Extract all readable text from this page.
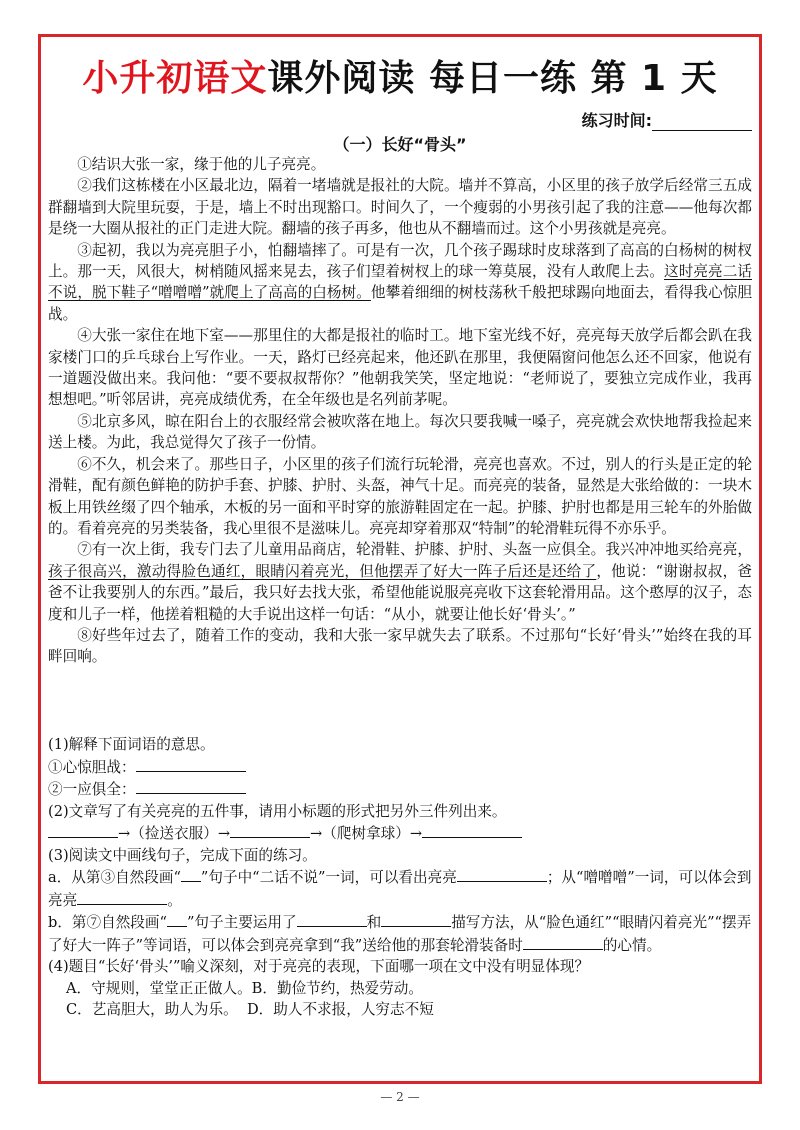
小升初语文课外阅读 每日一练 第 1 天
练习时间:
（一）长好“骨头”

①结识大张一家，缘于他的儿子亮亮。

②我们这栋楼在小区最北边，隔着一堵墙就是报社的大院。墙并不算高，小区里的孩子放学后经常三五成群翻墙到大院里玩耍，于是，墙上不时出现豁口。时间久了，一个瘦弱的小男孩引起了我的注意——他每次都是绕一大圈从报社的正门走进大院。翻墙的孩子再多，他也从不翻墙而过。这个小男孩就是亮亮。

③起初，我以为亮亮胆子小，怕翻墙摔了。可是有一次，几个孩子踢球时皮球落到了高高的白杨树的树杈上。那一天，风很大，树梢随风摇来晃去，孩子们望着树杈上的球一筹莫展，没有人敢爬上去。这时亮亮二话不说，脱下鞋子“噌噌噌”就爬上了高高的白杨树。他攀着细细的树枝荡秋千般把球踢向地面去，看得我心惊胆战。

④大张一家住在地下室——那里住的大都是报社的临时工。地下室光线不好，亮亮每天放学后都会趴在我家楼门口的乒乓球台上写作业。一天，路灯已经亮起来，他还趴在那里，我便隔窗问他怎么还不回家，他说有一道题没做出来。我问他：“要不要叔叔帮你？”他朝我笑笑，坚定地说：“老师说了，要独立完成作业，我再想想吧。”听邻居讲，亮亮成绩优秀，在全年级也是名列前茅呢。

⑤北京多风，晾在阳台上的衣服经常会被吹落在地上。每次只要我喊一嗓子，亮亮就会欢快地帮我捡起来送上楼。为此，我总觉得欠了孩子一份情。

⑥不久，机会来了。那些日子，小区里的孩子们流行玩轮滑，亮亮也喜欢。不过，别人的行头是正定的轮滑鞋，配有颜色鲜艳的防护手套、护膝、护肘、头盔，神气十足。而亮亮的装备，显然是大张给做的：一块木板上用铁丝缀了四个轴承，木板的另一面和平时穿的旅游鞋固定在一起。护膝、护肘也都是用三轮车的外胎做的。看着亮亮的另类装备，我心里很不是滋味儿。亮亮却穿着那双“特制”的轮滑鞋玩得不亦乐乎。

⑦有一次上街，我专门去了儿童用品商店，轮滑鞋、护膝、护肘、头盔一应俱全。我兴冲冲地买给亮亮，孩子很高兴，激动得脸色通红，眼睛闪着亮光，但他摆弄了好大一阵子后还是还给了，他说：“谢谢叔叔，爸爸不让我要别人的东西。”最后，我只好去找大张，希望他能说服亮亮收下这套轮滑用品。这个憨厚的汉子，态度和儿子一样，他搓着粗糙的大手说出这样一句话：“从小，就要让他长好‘骨头’。”

⑧好些年过去了，随着工作的变动，我和大张一家早就失去了联系。不过那句“长好‘骨头’”始终在我的耳畔回响。

(1)解释下面词语的意思。

①心惊胆战：

②一应俱全：

(2)文章写了有关亮亮的五件事，请用小标题的形式把另外三件列出来。

→（捡送衣服）→	→（爬树拿球）→

(3)阅读文中画线句子，完成下面的练习。

a．从第③自然段画“ ”句子中“二话不说”一词，可以看出亮亮	；从“噌噌噌”一词，可以体会到亮亮	。

b．第⑦自然段画“ ”句子主要运用了	和	描写方法，从“脸色通红”“眼睛闪着亮光”“摆弄了好大一阵子”等词语，可以体会到亮亮拿到“我”送给他的那套轮滑装备时	的心情。

(4)题目“长好‘骨头’”喻义深刻，对于亮亮的表现，下面哪一项在文中没有明显体现？

A．守规则，堂堂正正做人。B．勤俭节约，热爱劳动。

C．艺高胆大，助人为乐。 D．助人不求报，人穷志不短

— 2 —
